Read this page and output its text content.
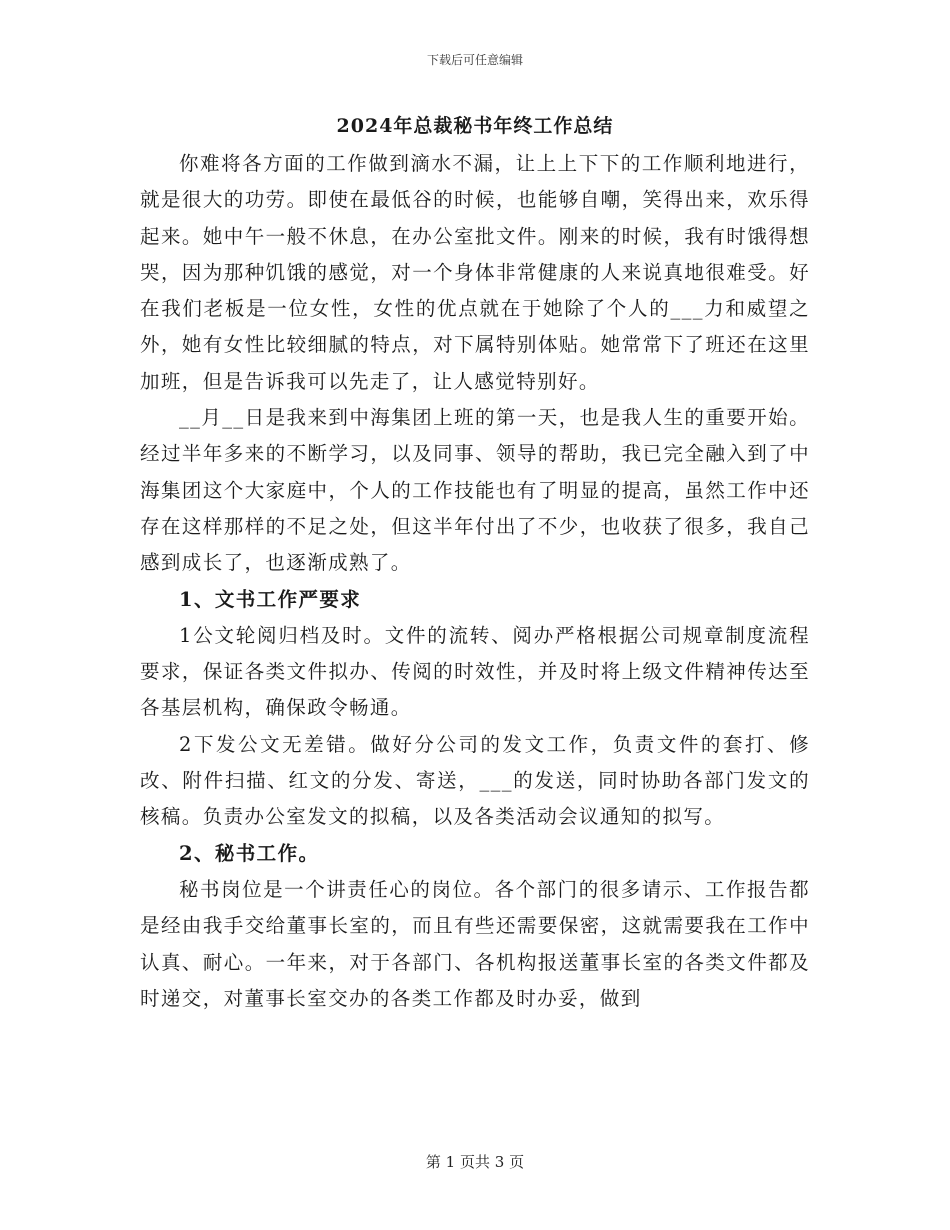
下载后可任意编辑
2024年总裁秘书年终工作总结

你难将各方面的工作做到滴水不漏，让上上下下的工作顺利地进行，就是很大的功劳。即使在最低谷的时候，也能够自嘲，笑得出来，欢乐得起来。她中午一般不休息，在办公室批文件。刚来的时候，我有时饿得想哭，因为那种饥饿的感觉，对一个身体非常健康的人来说真地很难受。好在我们老板是一位女性，女性的优点就在于她除了个人的___力和威望之外，她有女性比较细腻的特点，对下属特别体贴。她常常下了班还在这里加班，但是告诉我可以先走了，让人感觉特别好。

__月__日是我来到中海集团上班的第一天，也是我人生的重要开始。经过半年多来的不断学习，以及同事、领导的帮助，我已完全融入到了中海集团这个大家庭中，个人的工作技能也有了明显的提高，虽然工作中还存在这样那样的不足之处，但这半年付出了不少，也收获了很多，我自己感到成长了，也逐渐成熟了。

1、文书工作严要求

1公文轮阅归档及时。文件的流转、阅办严格根据公司规章制度流程要求，保证各类文件拟办、传阅的时效性，并及时将上级文件精神传达至各基层机构，确保政令畅通。

2下发公文无差错。做好分公司的发文工作，负责文件的套打、修改、附件扫描、红文的分发、寄送，___的发送，同时协助各部门发文的核稿。负责办公室发文的拟稿，以及各类活动会议通知的拟写。

2、秘书工作。

秘书岗位是一个讲责任心的岗位。各个部门的很多请示、工作报告都是经由我手交给董事长室的，而且有些还需要保密，这就需要我在工作中认真、耐心。一年来，对于各部门、各机构报送董事长室的各类文件都及时递交，对董事长室交办的各类工作都及时办妥，做到

第 1 页共 3 页
